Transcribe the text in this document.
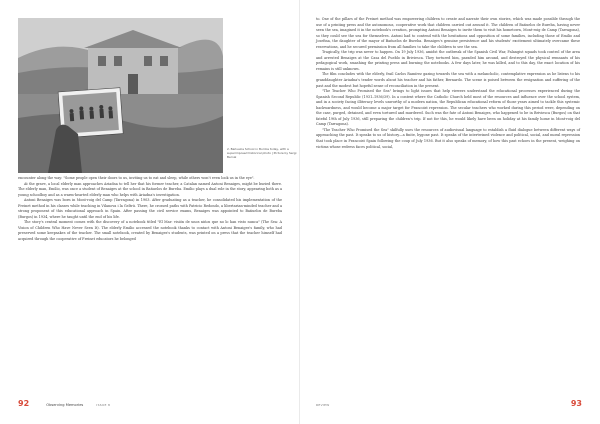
2. Bañuelos School in Burdos today, with a superimposed historical photo | Picture by Sergi Bernal

encounter along the way: "Some people open their doors to us, inviting us to eat and sleep, while others won't even look us in the eye".

At the grave, a local elderly man approaches Ariadna to tell her that his former teacher, a Catalan named Antoni Benaiges, might be buried there. The elderly man, Emilio, was once a student of Benaiges at the school in Bañuelos de Bureba. Emilio plays a dual role in the story, appearing both as a young schoolboy and as a warm-hearted elderly man who helps with Ariadna's investigation.

Antoni Benaiges was born in Mont-roig del Camp (Tarragona) in 1903. After graduating as a teacher, he consolidated his implementation of the Freinet method in his classes while teaching in Vilanova i la Geltrú. There, he crossed paths with Patricio Redondo, a libertarian-minded teacher and a strong proponent of this educational approach in Spain. After passing the civil service exams, Benaiges was appointed to Bañuelos de Bureba (Burgos) in 1934, where he taught until the end of his life.

The story's central moment comes with the discovery of a notebook titled "El Mar: visión de unos niños que no lo han visto nunca" (The Sea: A Vision of Children Who Have Never Seen It). The elderly Emilio accessed the notebook thanks to contact with Antoni Benaiges's family, who had preserved some keepsakes of the teacher. The small notebook, created by Benaiges's students, was printed on a press that the teacher himself had acquired through the cooperative of Freinet educators he belonged

92	Observing Memories	ISSUE 8

to. One of the pillars of the Freinet method was empowering children to create and narrate their own stories, which was made possible through the use of a printing press and the autonomous, cooperative work that children carried out around it. The children of Bañuelos de Bureba, having never seen the sea, imagined it in the notebook's creation, prompting Antoni Benaiges to invite them to visit his hometown, Mont-roig de Camp (Tarragona), so they could see the sea for themselves. Antoni had to contend with the hesitations and opposition of some families, including those of Emilio and Josefina, the daughter of the mayor of Bañuelos de Bureba. Benaiges's genuine persistence and his students' excitement ultimately overcame these reservations, and he secured permission from all families to take the children to see the sea.

Tragically, the trip was never to happen. On 19 July 1936, amidst the outbreak of the Spanish Civil War, Falangist squads took control of the area and arrested Benaiges at the Casa del Pueblo in Briviesca. They tortured him, paraded him around, and destroyed the physical remnants of his pedagogical work, smashing the printing press and burning the notebooks. A few days later, he was killed, and to this day, the exact location of his remains is still unknown.

The film concludes with the elderly, frail Carlos Ramírez gazing towards the sea with a melancholic, contemplative expression as he listens to his granddaughter Ariadna's tender words about his teacher and his father, Bernardo. The scene is poised between the resignation and suffering of the past and the modest but hopeful sense of reconciliation in the present.

"The Teacher Who Promised the Sea" brings to light issues that help viewers understand the educational processes experienced during the Spanish Second Republic (1931–1936/39). In a context where the Catholic Church held most of the resources and influence over the school system, and in a society facing illiteracy levels unworthy of a modern nation, the Republican educational reform of those years aimed to tackle this systemic backwardness, and would become a major target for Francoist repression. The secular teachers who worked during this period were, depending on the case, purged, detained, and even tortured and murdered. Such was the fate of Antoni Benaiges, who happened to be in Briviesca (Burgos) on that fateful 19th of July 1936, still preparing the children's trip. If not for this, he would likely have been on holiday at his family home in Mont-roig del Camp (Tarragona).

"The Teacher Who Promised the Sea" skilfully uses the resources of audiovisual language to establish a fluid dialogue between different ways of approaching the past. It speaks to us of history—a finite, bygone past. It speaks of the intertwined violence and political, social, and moral repression that took place in Francoist Spain following the coup of July 1936. But it also speaks of memory, of how this past echoes in the present, weighing on victims whose redress faces political, social,

REVIEW	93
